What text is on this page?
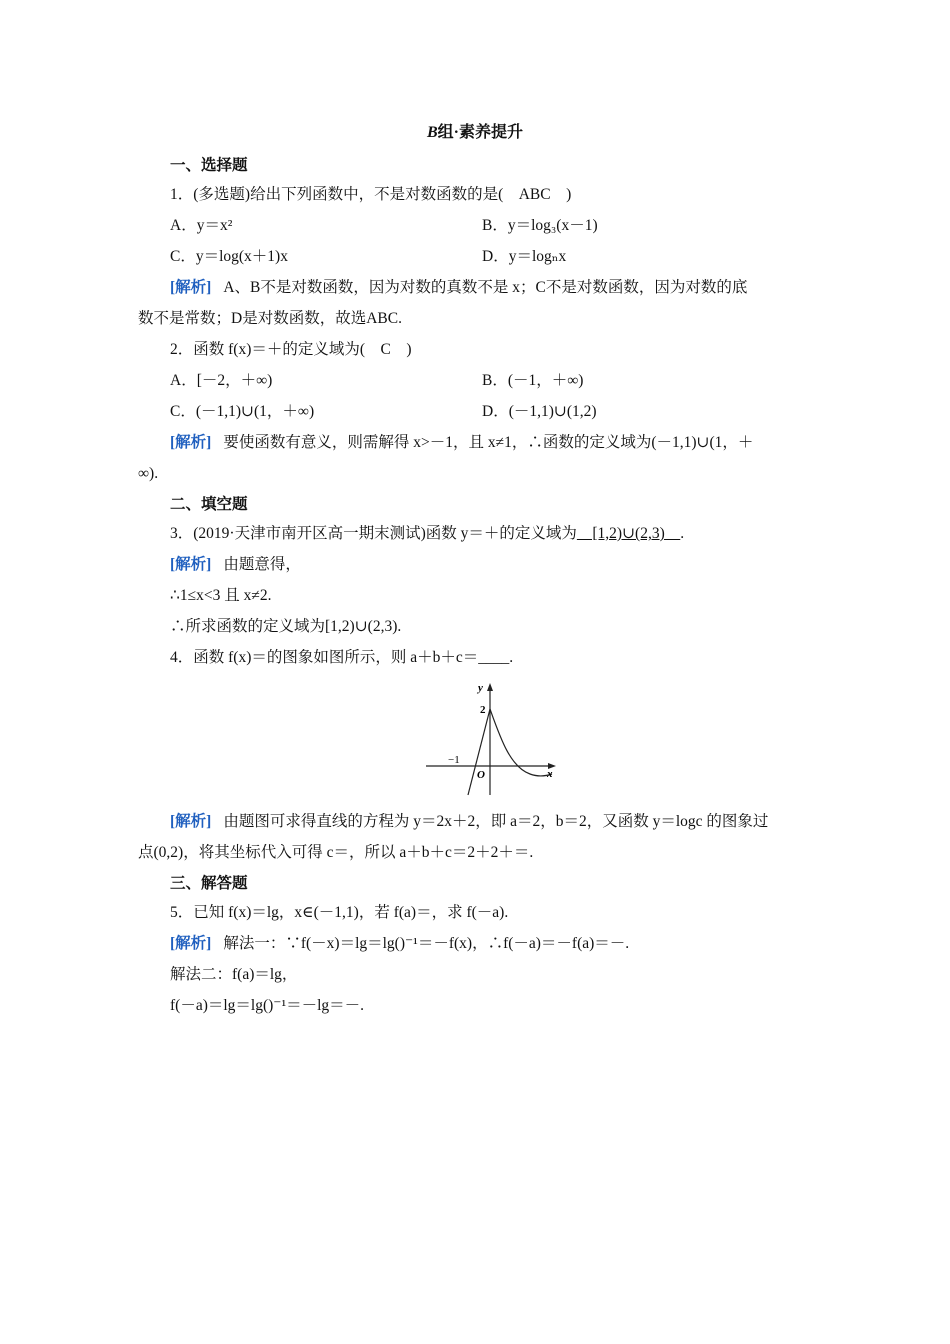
B组·素养提升
一、选择题
1．(多选题)给出下列函数中，不是对数函数的是(　ABC　)
A．y＝x²	B．y＝log₃(x－1)
C．y＝log(x＋1)x	D．y＝logₙx
[解析] A、B不是对数函数，因为对数的真数不是 x；C不是对数函数，因为对数的底
数不是常数；D是对数函数，故选ABC.
2．函数 f(x)＝＋的定义域为(　C　)
A．[－2，＋∞)	B．(－1，＋∞)
C．(－1,1)∪(1，＋∞)	D．(－1,1)∪(1,2)
[解析] 要使函数有意义，则需解得 x>－1，且 x≠1，∴函数的定义域为(－1,1)∪(1，＋
∞).
二、填空题
3．(2019·天津市南开区高一期末测试)函数 y＝＋的定义域为　[1,2)∪(2,3)　.
[解析] 由题意得，
∴1≤x<3 且 x≠2.
∴所求函数的定义域为[1,2)∪(2,3).
4．函数 f(x)＝的图象如图所示，则 a＋b＋c＝____.
y
x
O
2
−1
[解析] 由题图可求得直线的方程为 y＝2x＋2，即 a＝2，b＝2，又函数 y＝logc 的图象过
点(0,2)，将其坐标代入可得 c＝，所以 a＋b＋c＝2＋2＋＝.
三、解答题
5．已知 f(x)＝lg，x∈(－1,1)，若 f(a)＝，求 f(－a).
[解析] 解法一：∵f(－x)＝lg＝lg()⁻¹＝－f(x)，∴f(－a)＝－f(a)＝－.
解法二：f(a)＝lg，
f(－a)＝lg＝lg()⁻¹＝－lg＝－.
